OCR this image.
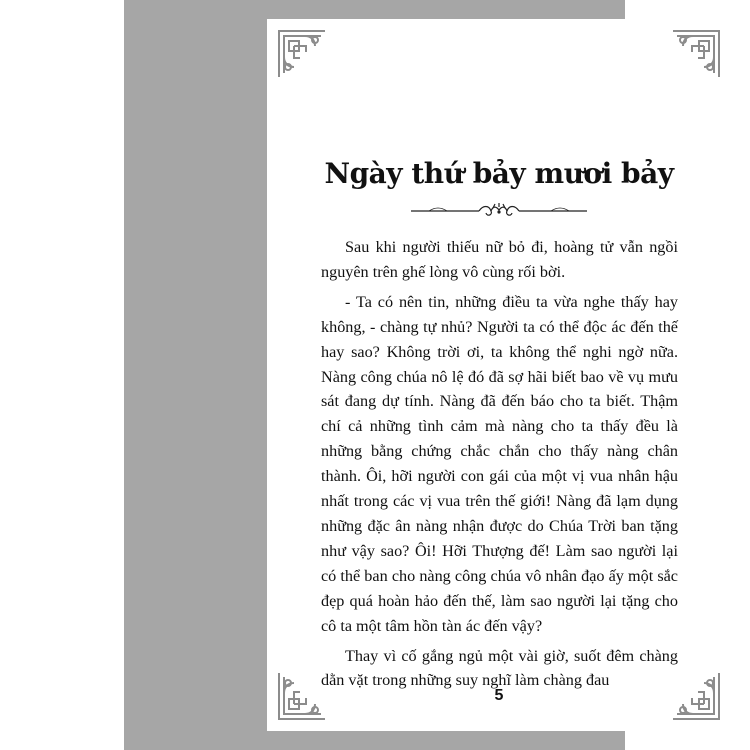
Ngày thứ bảy mươi bảy

Sau khi người thiếu nữ bỏ đi, hoàng tử vẫn ngồi nguyên trên ghế lòng vô cùng rối bời.

- Ta có nên tin, những điều ta vừa nghe thấy hay không, - chàng tự nhủ? Người ta có thể độc ác đến thế hay sao? Không trời ơi, ta không thể nghi ngờ nữa. Nàng công chúa nô lệ đó đã sợ hãi biết bao về vụ mưu sát đang dự tính. Nàng đã đến báo cho ta biết. Thậm chí cả những tình cảm mà nàng cho ta thấy đều là những bằng chứng chắc chắn cho thấy nàng chân thành. Ôi, hỡi người con gái của một vị vua nhân hậu nhất trong các vị vua trên thế giới! Nàng đã lạm dụng những đặc ân nàng nhận được do Chúa Trời ban tặng như vậy sao? Ôi! Hỡi Thượng đế! Làm sao người lại có thể ban cho nàng công chúa vô nhân đạo ấy một sắc đẹp quá hoàn hảo đến thế, làm sao người lại tặng cho cô ta một tâm hồn tàn ác đến vậy?

Thay vì cố gắng ngủ một vài giờ, suốt đêm chàng dằn vặt trong những suy nghĩ làm chàng đau

5
